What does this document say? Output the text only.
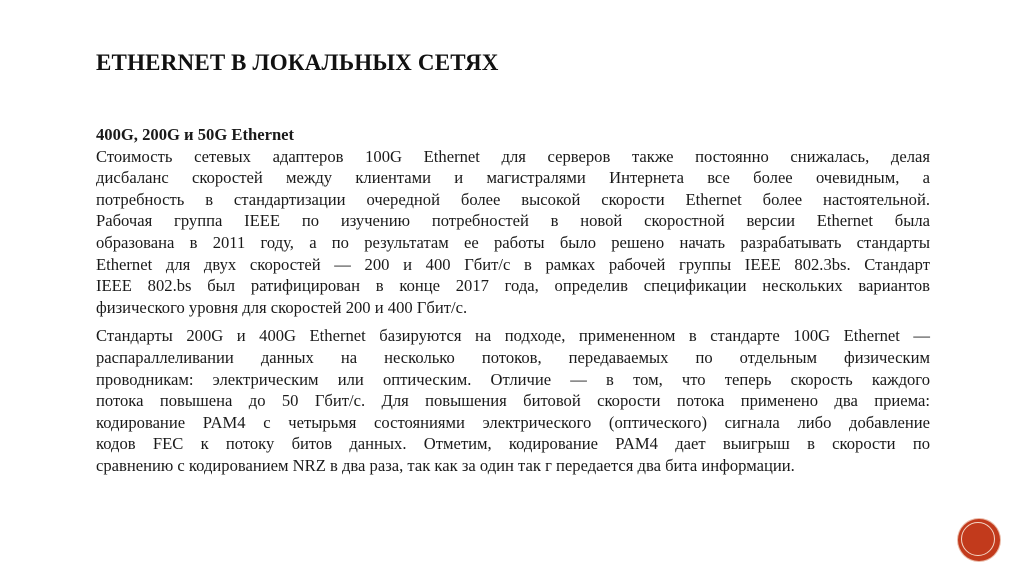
ETHERNET В ЛОКАЛЬНЫХ СЕТЯХ
400G, 200G и 50G Ethernet
Стоимость сетевых адаптеров 100G Ethernet для серверов также постоянно снижалась, делая
дисбаланс скоростей между клиентами и магистралями Интернета все более очевидным, а
потребность в стандартизации очередной более высокой скорости Ethernet более настоятельной.
Рабочая группа IEEE по изучению потребностей в новой скоростной версии Ethernet была
образована в 2011 году, а по результатам ее работы было решено начать разрабатывать стандарты
Ethernet для двух скоростей — 200 и 400 Гбит/с в рамках рабочей группы IEEE 802.3bs. Стандарт
IEEE 802.bs был ратифицирован в конце 2017 года, определив спецификации нескольких вариантов
физического уровня для скоростей 200 и 400 Гбит/с.
Стандарты 200G и 400G Ethernet базируются на подходе, примененном в стандарте 100G Ethernet —
распараллеливании данных на несколько потоков, передаваемых по отдельным физическим
проводникам: электрическим или оптическим. Отличие — в том, что теперь скорость каждого
потока повышена до 50 Гбит/с. Для повышения битовой скорости потока применено два приема:
кодирование PAM4 с четырьмя состояниями электрического (оптического) сигнала либо добавление
кодов FEC к потоку битов данных. Отметим, кодирование PAM4 дает выигрыш в скорости по
сравнению с кодированием NRZ в два раза, так как за один так г передается два бита информации.
